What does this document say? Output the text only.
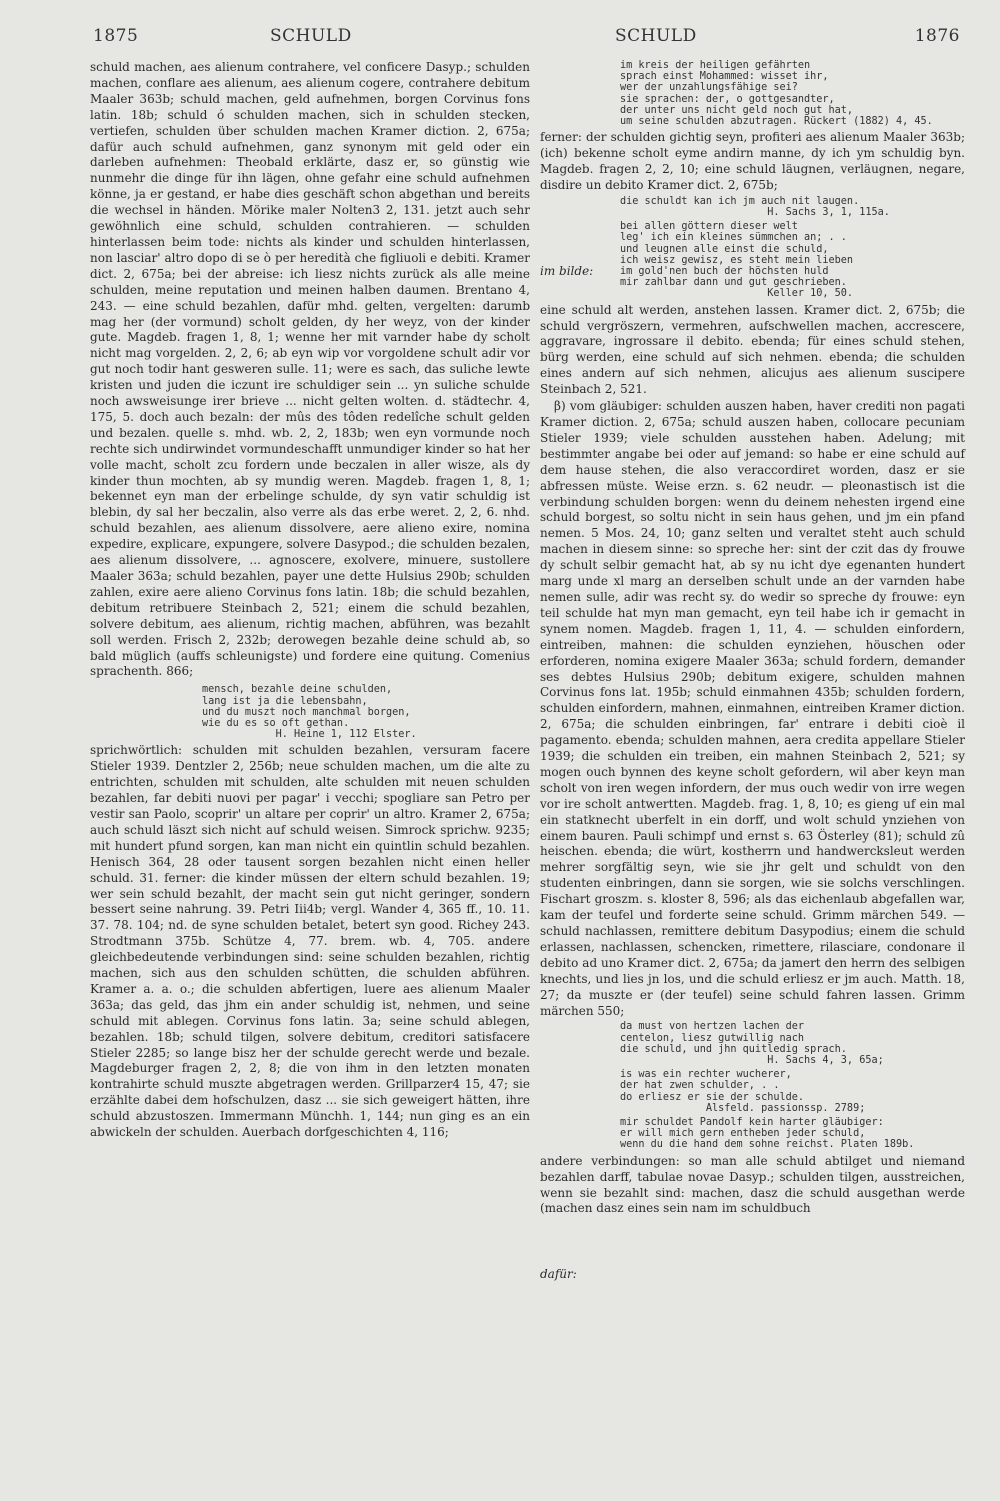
1875	SCHULD	SCHULD	1876

schuld machen, aes alienum contrahere, vel conficere Dasyp.; schulden machen, conflare aes alienum, aes alienum cogere, contrahere debitum Maaler 363b; schuld machen, geld aufnehmen, borgen Corvinus fons latin. 18b; schuld ó schulden machen, sich in schulden stecken, vertiefen, schulden über schulden machen Kramer diction. 2, 675a; dafür auch schuld aufnehmen, ganz synonym mit geld oder ein darleben aufnehmen: Theobald erklärte, dasz er, so günstig wie nunmehr die dinge für ihn lägen, ohne gefahr eine schuld aufnehmen könne, ja er gestand, er habe dies geschäft schon abgethan und bereits die wechsel in händen. Mörike maler Nolten3 2, 131. jetzt auch sehr gewöhnlich eine schuld, schulden contrahieren. — schulden hinterlassen beim tode: nichts als kinder und schulden hinterlassen, non lasciar' altro dopo di se ò per heredità che figliuoli e debiti. Kramer dict. 2, 675a; bei der abreise: ich liesz nichts zurück als alle meine schulden, meine reputation und meinen halben daumen. Brentano 4, 243. — eine schuld bezahlen, dafür mhd. gelten, vergelten: darumb mag her (der vormund) scholt gelden, dy her weyz, von der kinder gute. Magdeb. fragen 1, 8, 1; wenne her mit varnder habe dy scholt nicht mag vorgelden. 2, 2, 6; ab eyn wip vor vorgoldene schult adir vor gut noch todir hant gesweren sulle. 11; were es sach, das suliche lewte kristen und juden die iczunt ire schuldiger sein ... yn suliche schulde noch awsweisunge irer brieve ... nicht gelten wolten. d. städtechr. 4, 175, 5. doch auch bezaln: der mûs des tôden redelîche schult gelden und bezalen. quelle s. mhd. wb. 2, 2, 183b; wen eyn vormunde noch rechte sich undirwindet vormundeschafft unmundiger kinder so hat her volle macht, scholt zcu fordern unde beczalen in aller wisze, als dy kinder thun mochten, ab sy mundig weren. Magdeb. fragen 1, 8, 1; bekennet eyn man der erbelinge schulde, dy syn vatir schuldig ist blebin, dy sal her beczalin, also verre als das erbe weret. 2, 2, 6. nhd. schuld bezahlen, aes alienum dissolvere, aere alieno exire, nomina expedire, explicare, expungere, solvere Dasypod.; die schulden bezalen, aes alienum dissolvere, ... agnoscere, exolvere, minuere, sustollere Maaler 363a; schuld bezahlen, payer une dette Hulsius 290b; schulden zahlen, exire aere alieno Corvinus fons latin. 18b; die schuld bezahlen, debitum retribuere Steinbach 2, 521; einem die schuld bezahlen, solvere debitum, aes alienum, richtig machen, abführen, was bezahlt soll werden. Frisch 2, 232b; derowegen bezahle deine schuld ab, so bald müglich (auffs schleunigste) und fordere eine quitung. Comenius sprachenth. 866;

mensch, bezahle deine schulden,
lang ist ja die lebensbahn,
und du muszt noch manchmal borgen,
wie du es so oft gethan.
H. Heine 1, 112 Elster.

sprichwörtlich: schulden mit schulden bezahlen, versuram facere Stieler 1939. Dentzler 2, 256b; neue schulden machen, um die alte zu entrichten, schulden mit schulden, alte schulden mit neuen schulden bezahlen, far debiti nuovi per pagar' i vecchi; spogliare san Petro per vestir san Paolo, scoprir' un altare per coprir' un altro. Kramer 2, 675a; auch schuld läszt sich nicht auf schuld weisen. Simrock sprichw. 9235; mit hundert pfund sorgen, kan man nicht ein quintlin schuld bezahlen. Henisch 364, 28 oder tausent sorgen bezahlen nicht einen heller schuld. 31. ferner: die kinder müssen der eltern schuld bezahlen. 19; wer sein schuld bezahlt, der macht sein gut nicht geringer, sondern bessert seine nahrung. 39. Petri Iii4b; vergl. Wander 4, 365 ff., 10. 11. 37. 78. 104; nd. de syne schulden betalet, betert syn good. Richey 243. Strodtmann 375b. Schütze 4, 77. brem. wb. 4, 705. andere gleichbedeutende verbindungen sind: seine schulden bezahlen, richtig machen, sich aus den schulden schütten, die schulden abführen. Kramer a. a. o.; die schulden abfertigen, luere aes alienum Maaler 363a; das geld, das jhm ein ander schuldig ist, nehmen, und seine schuld mit ablegen. Corvinus fons latin. 3a; seine schuld ablegen, bezahlen. 18b; schuld tilgen, solvere debitum, creditori satisfacere Stieler 2285; so lange bisz her der schulde gerecht werde und bezale. Magdeburger fragen 2, 2, 8; die von ihm in den letzten monaten kontrahirte schuld muszte abgetragen werden. Grillparzer4 15, 47; sie erzählte dabei dem hofschulzen, dasz ... sie sich geweigert hätten, ihre schuld abzustoszen. Immermann Münchh. 1, 144; nun ging es an ein abwickeln der schulden. Auerbach dorfgeschichten 4, 116;

im kreis der heiligen gefährten
sprach einst Mohammed: wisset ihr,
wer der unzahlungsfähige sei?
sie sprachen: der, o gottgesandter,
der unter uns nicht geld noch gut hat,
um seine schulden abzutragen. Rückert (1882) 4, 45.

ferner: der schulden gichtig seyn, profiteri aes alienum Maaler 363b; (ich) bekenne scholt eyme andirn manne, dy ich ym schuldig byn. Magdeb. fragen 2, 2, 10; eine schuld läugnen, verläugnen, negare, disdire un debito Kramer dict. 2, 675b;

die schuldt kan ich jm auch nit laugen.
H. Sachs 3, 1, 115a.
bei allen göttern dieser welt
leg' ich ein kleines sümmchen an; . .
und leugnen alle einst die schuld,
ich weisz gewisz, es steht mein lieben
im gold'nen buch der höchsten huld
mir zahlbar dann und gut geschrieben.
Keller 10, 50.

eine schuld alt werden, anstehen lassen. Kramer dict. 2, 675b; die schuld vergröszern, vermehren, aufschwellen machen, accrescere, aggravare, ingrossare il debito. ebenda; für eines schuld stehen, bürg werden, eine schuld auf sich nehmen. ebenda; die schulden eines andern auf sich nehmen, alicujus aes alienum suscipere Steinbach 2, 521.

β) vom gläubiger: schulden auszen haben, haver crediti non pagati Kramer diction. 2, 675a; schuld auszen haben, collocare pecuniam Stieler 1939; viele schulden ausstehen haben. Adelung; mit bestimmter angabe bei oder auf jemand: so habe er eine schuld auf dem hause stehen, die also veraccordiret worden, dasz er sie abfressen müste. Weise erzn. s. 62 neudr. — pleonastisch ist die verbindung schulden borgen: wenn du deinem nehesten irgend eine schuld borgest, so soltu nicht in sein haus gehen, und jm ein pfand nemen. 5 Mos. 24, 10; ganz selten und veraltet steht auch schuld machen in diesem sinne: so spreche her: sint der czit das dy frouwe dy schult selbir gemacht hat, ab sy nu icht dye egenanten hundert marg unde xl marg an derselben schult unde an der varnden habe nemen sulle, adir was recht sy. do wedir so spreche dy frouwe: eyn teil schulde hat myn man gemacht, eyn teil habe ich ir gemacht in synem nomen. Magdeb. fragen 1, 11, 4. — schulden einfordern, eintreiben, mahnen: die schulden eynziehen, höuschen oder erforderen, nomina exigere Maaler 363a; schuld fordern, demander ses debtes Hulsius 290b; debitum exigere, schulden mahnen Corvinus fons lat. 195b; schuld einmahnen 435b; schulden fordern, schulden einfordern, mahnen, einmahnen, eintreiben Kramer diction. 2, 675a; die schulden einbringen, far' entrare i debiti cioè il pagamento. ebenda; schulden mahnen, aera credita appellare Stieler 1939; die schulden ein treiben, ein mahnen Steinbach 2, 521; sy mogen ouch bynnen des keyne scholt gefordern, wil aber keyn man scholt von iren wegen infordern, der mus ouch wedir von irre wegen vor ire scholt antwertten. Magdeb. frag. 1, 8, 10; es gieng uf ein mal ein statknecht uberfelt in ein dorff, und wolt schuld ynziehen von einem bauren. Pauli schimpf und ernst s. 63 Österley (81); schuld zû heischen. ebenda; die würt, kostherrn und handwercksleut werden mehrer sorgfältig seyn, wie sie jhr gelt und schuldt von den studenten einbringen, dann sie sorgen, wie sie solchs verschlingen. Fischart groszm. s. kloster 8, 596; als das eichenlaub abgefallen war, kam der teufel und forderte seine schuld. Grimm märchen 549. — schuld nachlassen, remittere debitum Dasypodius; einem die schuld erlassen, nachlassen, schencken, rimettere, rilasciare, condonare il debito ad uno Kramer dict. 2, 675a; da jamert den herrn des selbigen knechts, und lies jn los, und die schuld erliesz er jm auch. Matth. 18, 27; da muszte er (der teufel) seine schuld fahren lassen. Grimm märchen 550;

da must von hertzen lachen der
centelon, liesz gutwillig nach
die schuld, und jhn quitledig sprach.
H. Sachs 4, 3, 65a;
is was ein rechter wucherer,
der hat zwen schulder, . .
do erliesz er sie der schulde.
Alsfeld. passionssp. 2789;
mir schuldet Pandolf kein harter gläubiger:
er will mich gern entheben jeder schuld,
wenn du die hand dem sohne reichst. Platen 189b.

andere verbindungen: so man alle schuld abtilget und niemand bezahlen darff, tabulae novae Dasyp.; schulden tilgen, ausstreichen, wenn sie bezahlt sind: machen, dasz die schuld ausgethan werde (machen dasz eines sein nam im schuldbuch

im bilde:
dafür:
